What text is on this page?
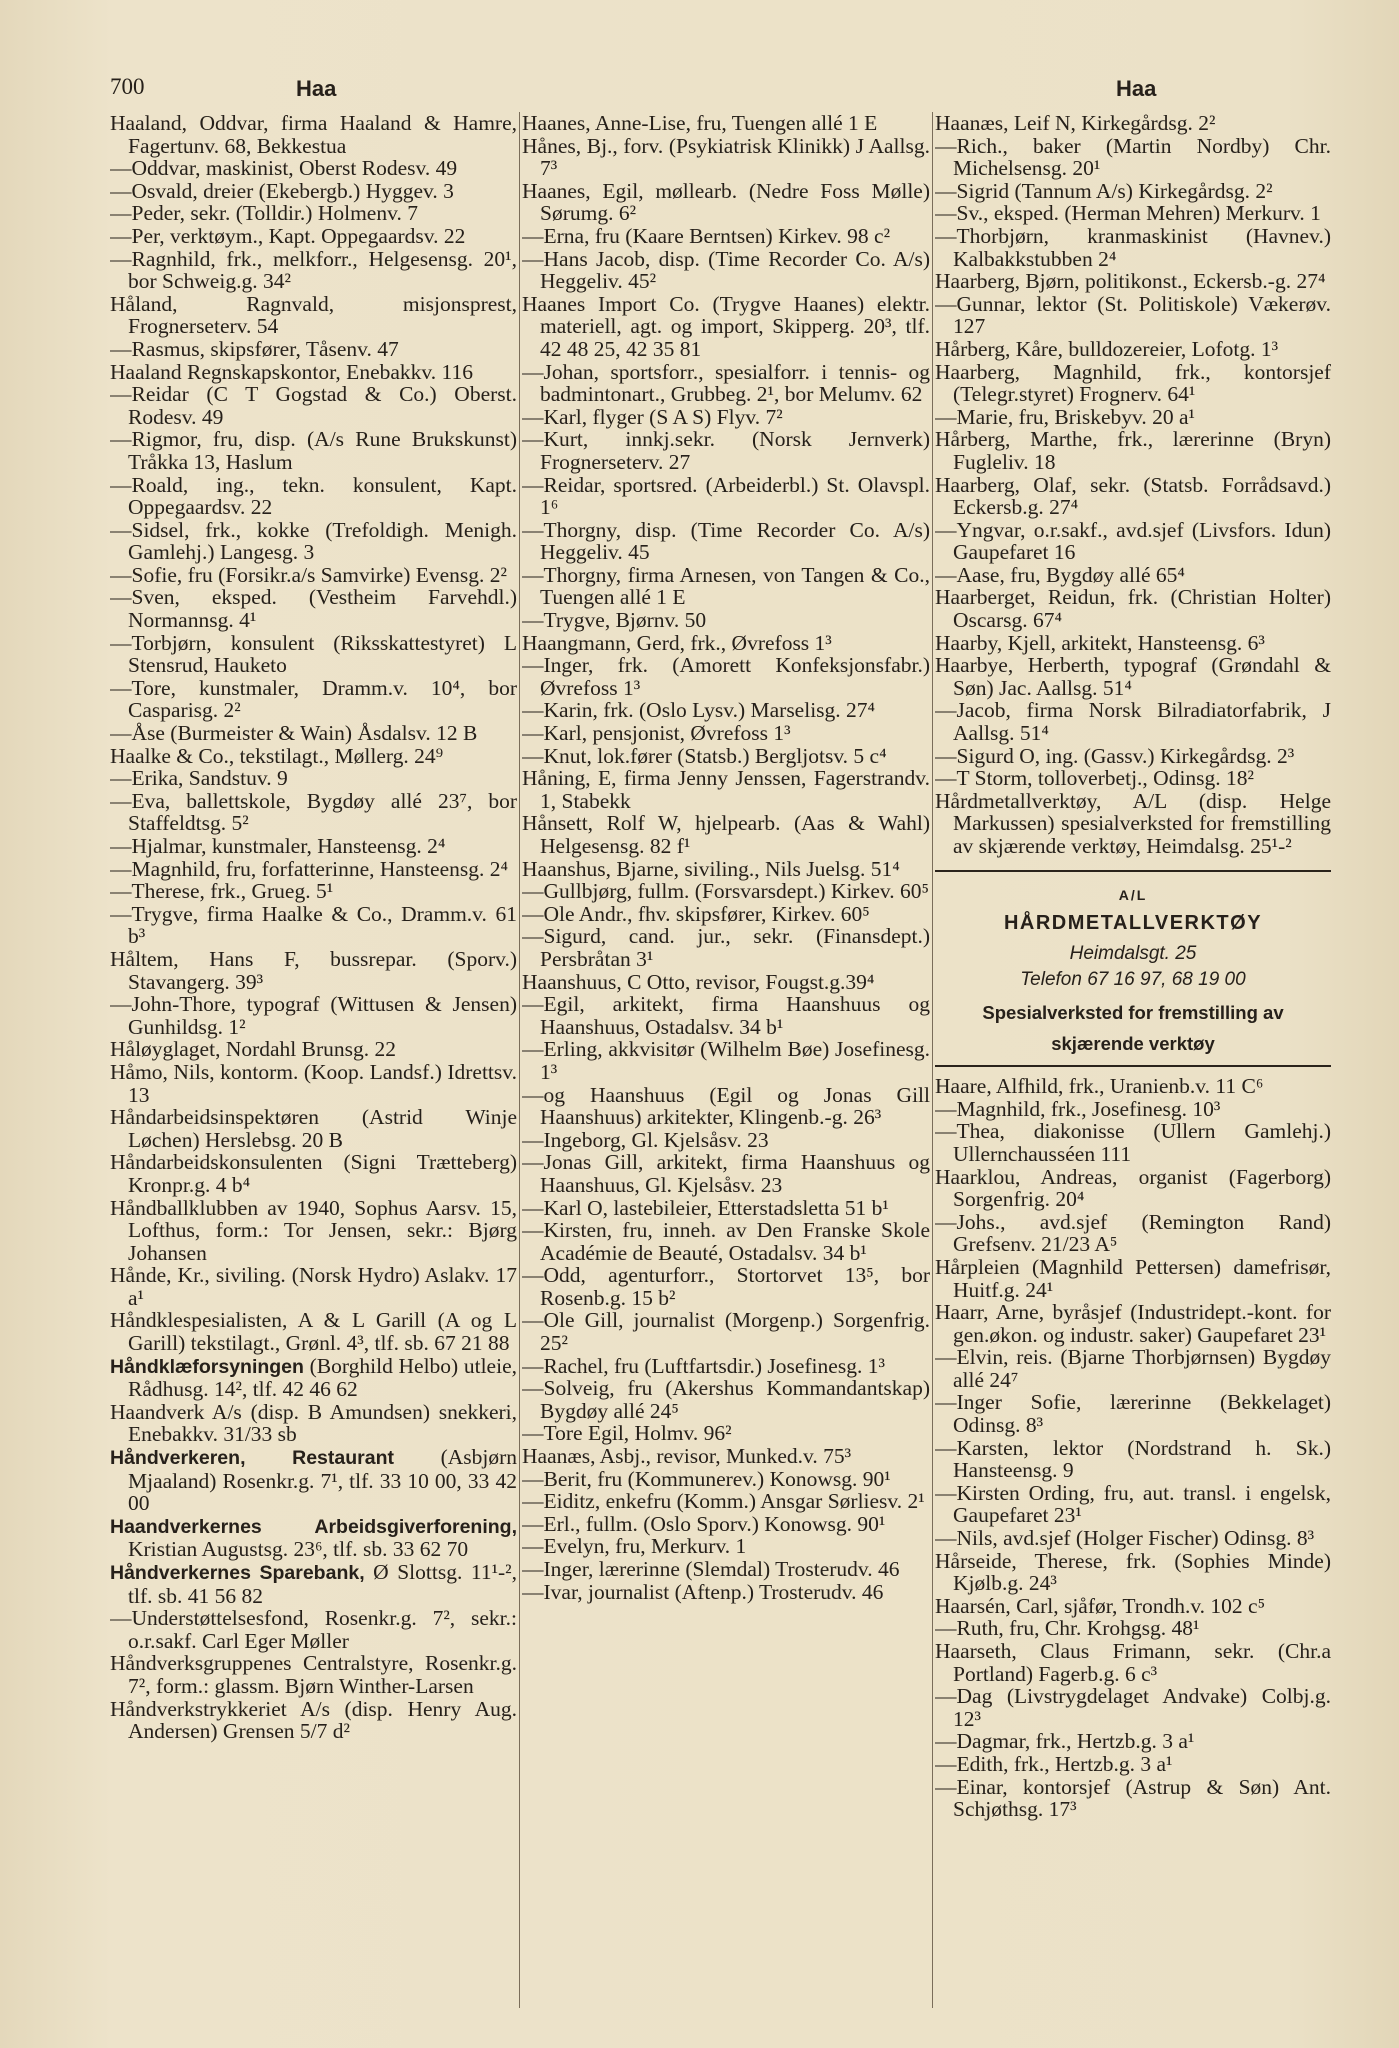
700	Haa	Haa

Haaland, Oddvar, firma Haaland & Hamre, Fagertunv. 68, Bekkestua

—Oddvar, maskinist, Oberst Rodesv. 49

—Osvald, dreier (Ekebergb.) Hyggev. 3

—Peder, sekr. (Tolldir.) Holmenv. 7

—Per, verktøym., Kapt. Oppegaardsv. 22

—Ragnhild, frk., melkforr., Helgesensg. 20¹, bor Schweig.g. 34²

Håland, Ragnvald, misjonsprest, Frognerseterv. 54

—Rasmus, skipsfører, Tåsenv. 47

Haaland Regnskapskontor, Enebakkv. 116

—Reidar (C T Gogstad & Co.) Oberst. Rodesv. 49

—Rigmor, fru, disp. (A/s Rune Brukskunst) Tråkka 13, Haslum

—Roald, ing., tekn. konsulent, Kapt. Oppegaardsv. 22

—Sidsel, frk., kokke (Trefoldigh. Menigh. Gamlehj.) Langesg. 3

—Sofie, fru (Forsikr.a/s Samvirke) Evensg. 2²

—Sven, eksped. (Vestheim Farvehdl.) Normannsg. 4¹

—Torbjørn, konsulent (Riksskattestyret) L Stensrud, Hauketo

—Tore, kunstmaler, Dramm.v. 10⁴, bor Casparisg. 2²

—Åse (Burmeister & Wain) Åsdalsv. 12 B

Haalke & Co., tekstilagt., Møllerg. 24⁹

—Erika, Sandstuv. 9

—Eva, ballettskole, Bygdøy allé 23⁷, bor Staffeldtsg. 5²

—Hjalmar, kunstmaler, Hansteensg. 2⁴

—Magnhild, fru, forfatterinne, Hansteensg. 2⁴

—Therese, frk., Grueg. 5¹

—Trygve, firma Haalke & Co., Dramm.v. 61 b³

Håltem, Hans F, bussrepar. (Sporv.) Stavangerg. 39³

—John-Thore, typograf (Wittusen & Jensen) Gunhildsg. 1²

Håløyglaget, Nordahl Brunsg. 22

Håmo, Nils, kontorm. (Koop. Landsf.) Idrettsv. 13

Håndarbeidsinspektøren (Astrid Winje Løchen) Herslebsg. 20 B

Håndarbeidskonsulenten (Signi Trætteberg) Kronpr.g. 4 b⁴

Håndballklubben av 1940, Sophus Aarsv. 15, Lofthus, form.: Tor Jensen, sekr.: Bjørg Johansen

Hånde, Kr., siviling. (Norsk Hydro) Aslakv. 17 a¹

Håndklespesialisten, A & L Garill (A og L Garill) tekstilagt., Grønl. 4³, tlf. sb. 67 21 88

Håndklæforsyningen (Borghild Helbo) utleie, Rådhusg. 14², tlf. 42 46 62

Haandverk A/s (disp. B Amundsen) snekkeri, Enebakkv. 31/33 sb

Håndverkeren, Restaurant (Asbjørn Mjaaland) Rosenkr.g. 7¹, tlf. 33 10 00, 33 42 00

Haandverkernes Arbeidsgiverforening, Kristian Augustsg. 23⁶, tlf. sb. 33 62 70

Håndverkernes Sparebank, Ø Slottsg. 11¹-², tlf. sb. 41 56 82

—Understøttelsesfond, Rosenkr.g. 7², sekr.: o.r.sakf. Carl Eger Møller

Håndverksgruppenes Centralstyre, Rosenkr.g. 7², form.: glassm. Bjørn Winther-Larsen

Håndverkstrykkeriet A/s (disp. Henry Aug. Andersen) Grensen 5/7 d²

Haanes, Anne-Lise, fru, Tuengen allé 1 E

Hånes, Bj., forv. (Psykiatrisk Klinikk) J Aallsg. 7³

Haanes, Egil, møllearb. (Nedre Foss Mølle) Sørumg. 6²

—Erna, fru (Kaare Berntsen) Kirkev. 98 c²

—Hans Jacob, disp. (Time Recorder Co. A/s) Heggeliv. 45²

Haanes Import Co. (Trygve Haanes) elektr. materiell, agt. og import, Skipperg. 20³, tlf. 42 48 25, 42 35 81

—Johan, sportsforr., spesialforr. i tennis- og badmintonart., Grubbeg. 2¹, bor Melumv. 62

—Karl, flyger (S A S) Flyv. 7²

—Kurt, innkj.sekr. (Norsk Jernverk) Frognerseterv. 27

—Reidar, sportsred. (Arbeiderbl.) St. Olavspl. 1⁶

—Thorgny, disp. (Time Recorder Co. A/s) Heggeliv. 45

—Thorgny, firma Arnesen, von Tangen & Co., Tuengen allé 1 E

—Trygve, Bjørnv. 50

Haangmann, Gerd, frk., Øvrefoss 1³

—Inger, frk. (Amorett Konfeksjonsfabr.) Øvrefoss 1³

—Karin, frk. (Oslo Lysv.) Marselisg. 27⁴

—Karl, pensjonist, Øvrefoss 1³

—Knut, lok.fører (Statsb.) Bergljotsv. 5 c⁴

Håning, E, firma Jenny Jenssen, Fagerstrandv. 1, Stabekk

Hånsett, Rolf W, hjelpearb. (Aas & Wahl) Helgesensg. 82 f¹

Haanshus, Bjarne, siviling., Nils Juelsg. 51⁴

—Gullbjørg, fullm. (Forsvarsdept.) Kirkev. 60⁵

—Ole Andr., fhv. skipsfører, Kirkev. 60⁵

—Sigurd, cand. jur., sekr. (Finansdept.) Persbråtan 3¹

Haanshuus, C Otto, revisor, Fougst.g.39⁴

—Egil, arkitekt, firma Haanshuus og Haanshuus, Ostadalsv. 34 b¹

—Erling, akkvisitør (Wilhelm Bøe) Josefinesg. 1³

—og Haanshuus (Egil og Jonas Gill Haanshuus) arkitekter, Klingenb.-g. 26³

—Ingeborg, Gl. Kjelsåsv. 23

—Jonas Gill, arkitekt, firma Haanshuus og Haanshuus, Gl. Kjelsåsv. 23

—Karl O, lastebileier, Etterstadsletta 51 b¹

—Kirsten, fru, inneh. av Den Franske Skole Académie de Beauté, Ostadalsv. 34 b¹

—Odd, agenturforr., Stortorvet 13⁵, bor Rosenb.g. 15 b²

—Ole Gill, journalist (Morgenp.) Sorgenfrig. 25²

—Rachel, fru (Luftfartsdir.) Josefinesg. 1³

—Solveig, fru (Akershus Kommandantskap) Bygdøy allé 24⁵

—Tore Egil, Holmv. 96²

Haanæs, Asbj., revisor, Munked.v. 75³

—Berit, fru (Kommunerev.) Konowsg. 90¹

—Eiditz, enkefru (Komm.) Ansgar Sørliesv. 2¹

—Erl., fullm. (Oslo Sporv.) Konowsg. 90¹

—Evelyn, fru, Merkurv. 1

—Inger, lærerinne (Slemdal) Trosterudv. 46

—Ivar, journalist (Aftenp.) Trosterudv. 46

Haanæs, Leif N, Kirkegårdsg. 2²

—Rich., baker (Martin Nordby) Chr. Michelsensg. 20¹

—Sigrid (Tannum A/s) Kirkegårdsg. 2²

—Sv., eksped. (Herman Mehren) Merkurv. 1

—Thorbjørn, kranmaskinist (Havnev.) Kalbakkstubben 2⁴

Haarberg, Bjørn, politikonst., Eckersb.-g. 27⁴

—Gunnar, lektor (St. Politiskole) Vækerøv. 127

Hårberg, Kåre, bulldozereier, Lofotg. 1³

Haarberg, Magnhild, frk., kontorsjef (Telegr.styret) Frognerv. 64¹

—Marie, fru, Briskebyv. 20 a¹

Hårberg, Marthe, frk., lærerinne (Bryn) Fugleliv. 18

Haarberg, Olaf, sekr. (Statsb. Forrådsavd.) Eckersb.g. 27⁴

—Yngvar, o.r.sakf., avd.sjef (Livsfors. Idun) Gaupefaret 16

—Aase, fru, Bygdøy allé 65⁴

Haarberget, Reidun, frk. (Christian Holter) Oscarsg. 67⁴

Haarby, Kjell, arkitekt, Hansteensg. 6³

Haarbye, Herberth, typograf (Grøndahl & Søn) Jac. Aallsg. 51⁴

—Jacob, firma Norsk Bilradiatorfabrik, J Aallsg. 51⁴

—Sigurd O, ing. (Gassv.) Kirkegårdsg. 2³

—T Storm, tolloverbetj., Odinsg. 18²

Hårdmetallverktøy, A/L (disp. Helge Markussen) spesialverksted for fremstilling av skjærende verktøy, Heimdalsg. 25¹-²

A/L
HÅRDMETALLVERKTØY
Heimdalsgt. 25
Telefon 67 16 97, 68 19 00
Spesialverksted for fremstilling av
skjærende verktøy

Haare, Alfhild, frk., Uranienb.v. 11 C⁶

—Magnhild, frk., Josefinesg. 10³

—Thea, diakonisse (Ullern Gamlehj.) Ullernchausséen 111

Haarklou, Andreas, organist (Fagerborg) Sorgenfrig. 20⁴

—Johs., avd.sjef (Remington Rand) Grefsenv. 21/23 A⁵

Hårpleien (Magnhild Pettersen) damefrisør, Huitf.g. 24¹

Haarr, Arne, byråsjef (Industridept.-kont. for gen.økon. og industr. saker) Gaupefaret 23¹

—Elvin, reis. (Bjarne Thorbjørnsen) Bygdøy allé 24⁷

—Inger Sofie, lærerinne (Bekkelaget) Odinsg. 8³

—Karsten, lektor (Nordstrand h. Sk.) Hansteensg. 9

—Kirsten Ording, fru, aut. transl. i engelsk, Gaupefaret 23¹

—Nils, avd.sjef (Holger Fischer) Odinsg. 8³

Hårseide, Therese, frk. (Sophies Minde) Kjølb.g. 24³

Haarsén, Carl, sjåfør, Trondh.v. 102 c⁵

—Ruth, fru, Chr. Krohgsg. 48¹

Haarseth, Claus Frimann, sekr. (Chr.a Portland) Fagerb.g. 6 c³

—Dag (Livstrygdelaget Andvake) Colbj.g. 12³

—Dagmar, frk., Hertzb.g. 3 a¹

—Edith, frk., Hertzb.g. 3 a¹

—Einar, kontorsjef (Astrup & Søn) Ant. Schjøthsg. 17³
